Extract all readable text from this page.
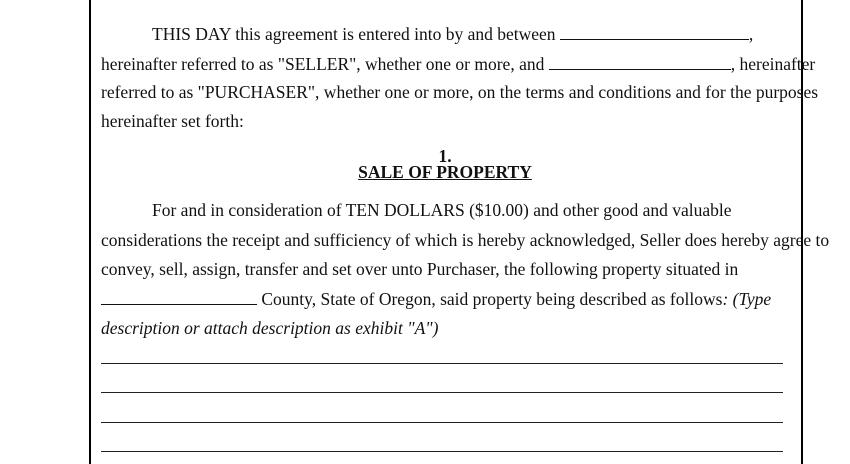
THIS DAY this agreement is entered into by and between	,
hereinafter referred to as "SELLER", whether one or more, and	, hereinafter
referred to as "PURCHASER", whether one or more, on the terms and conditions and for the purposes
hereinafter set forth:
1.
SALE OF PROPERTY
For and in consideration of TEN DOLLARS ($10.00) and other good and valuable
considerations the receipt and sufficiency of which is hereby acknowledged, Seller does hereby agree to
convey, sell, assign, transfer and set over unto Purchaser, the following property situated in
County, State of Oregon, said property being described as follows: (Type
description or attach description as exhibit "A")
